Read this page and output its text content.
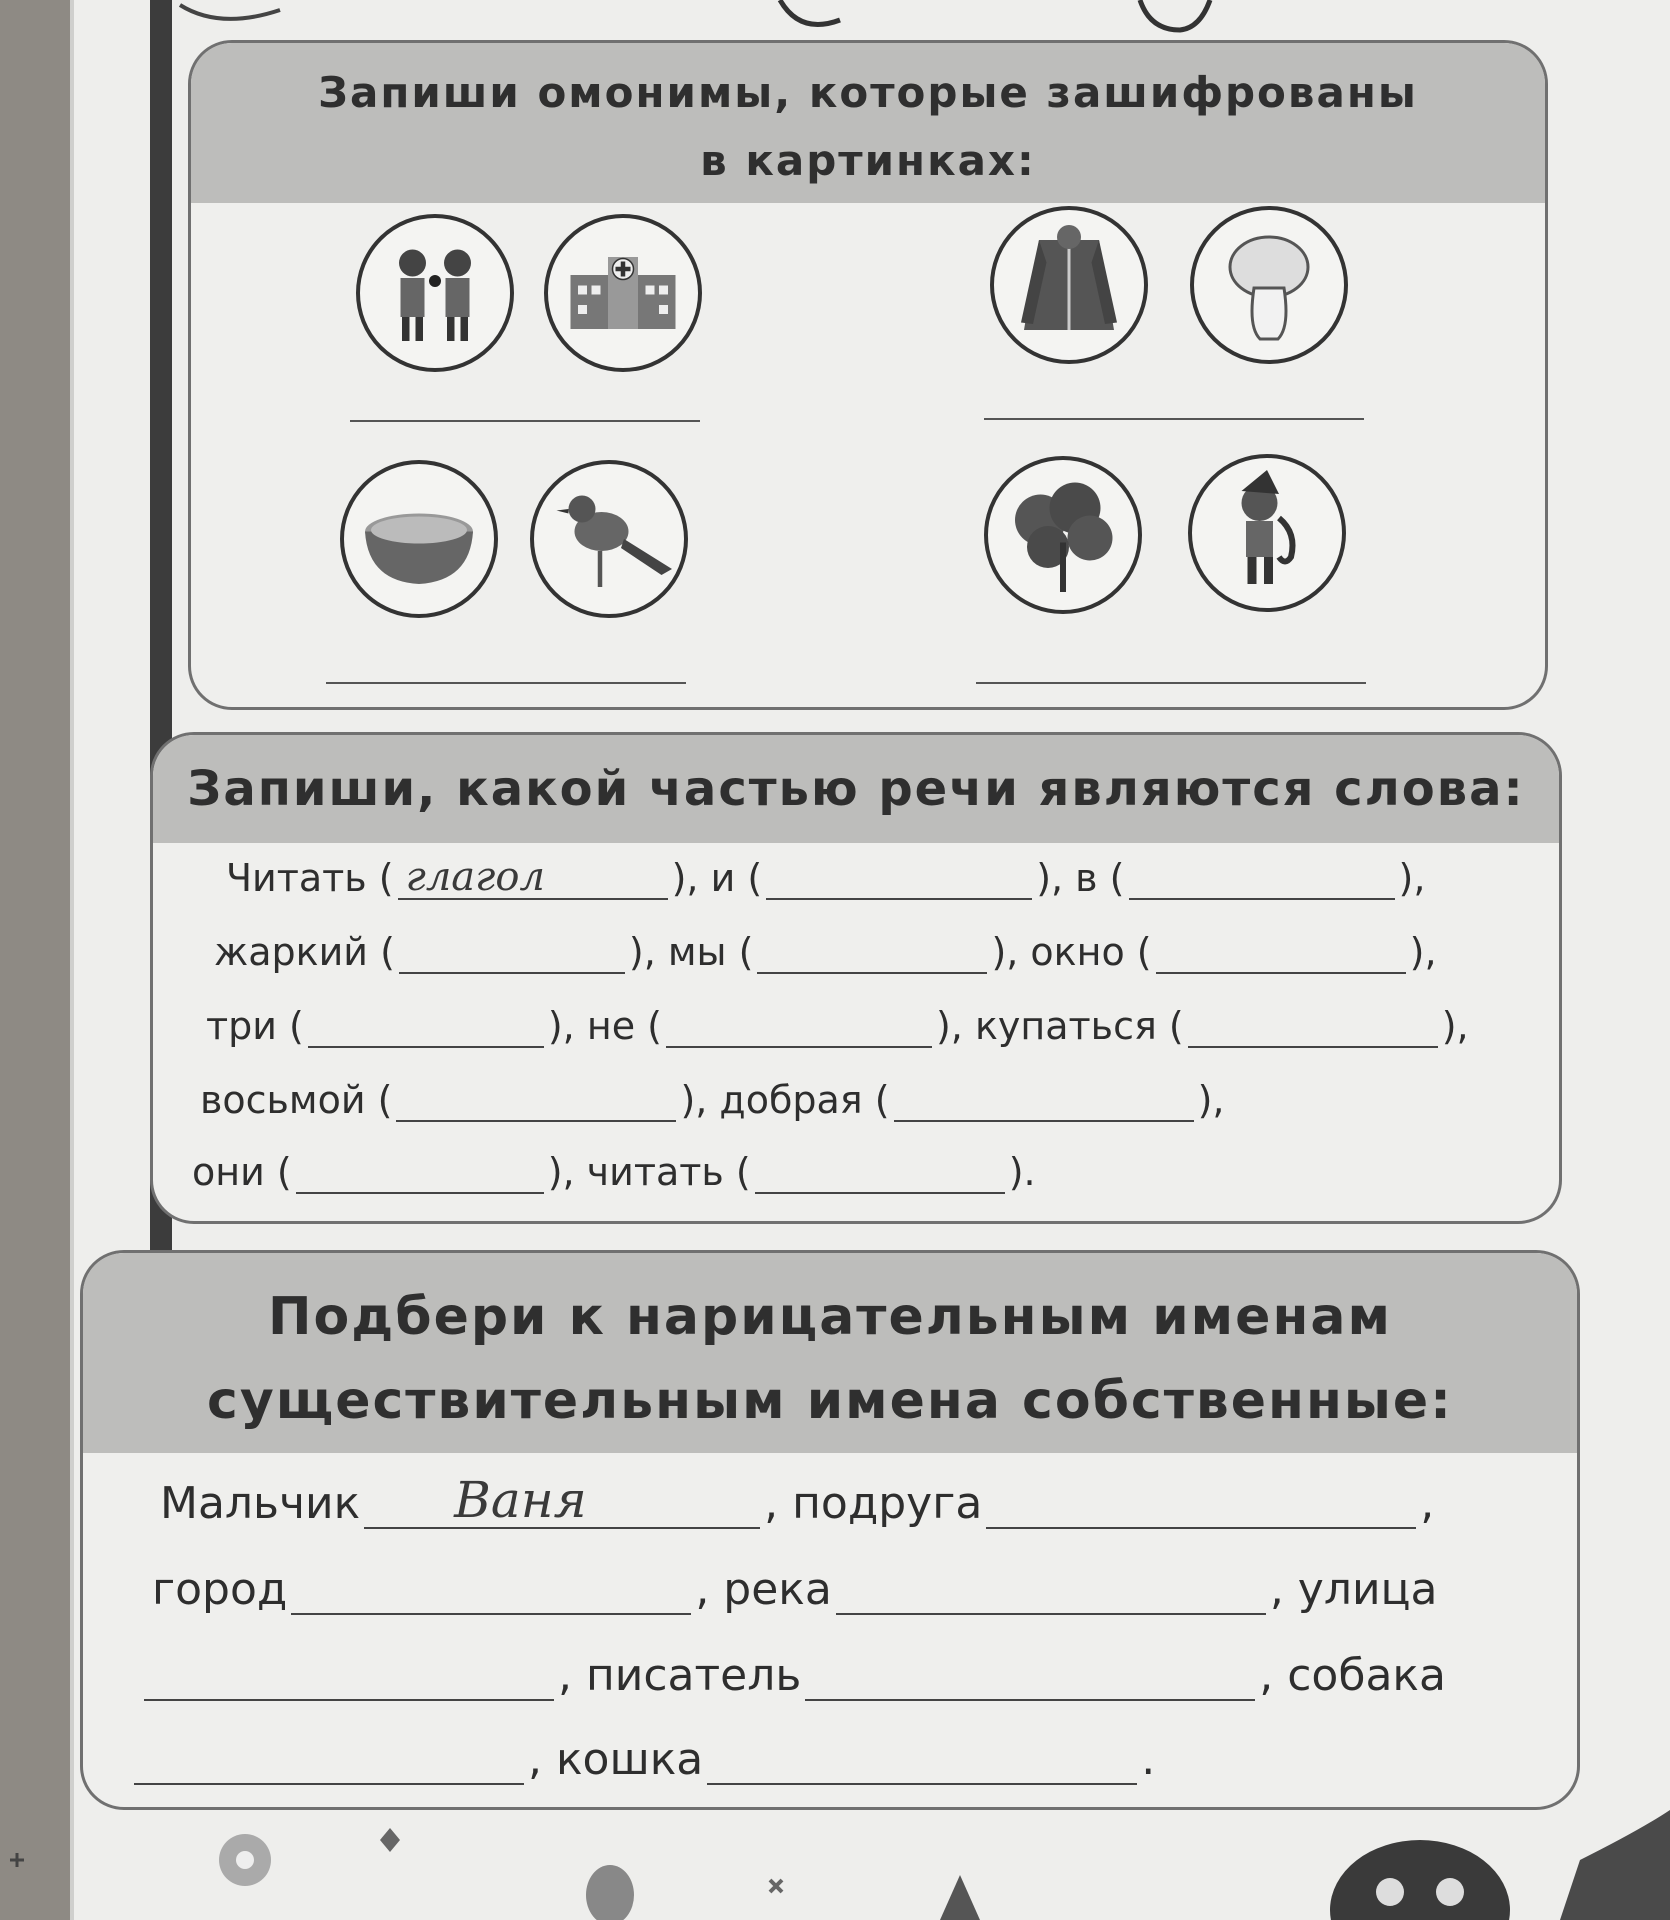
Запиши омонимы, которые зашифрованы
в картинках:
Запиши, какой частью речи являются слова:
Читать ( глагол	), и (	), в (	),
жаркий (	), мы (	), окно (	),
три (	), не (	), купаться (	),
восьмой (	), добрая (	),
они (	), читать (	).
Подбери к нарицательным именам
существительным имена собственные:
Мальчик Ваня	, подруга	,
город	, река	, улица
, писатель	, собака
, кошка	.
